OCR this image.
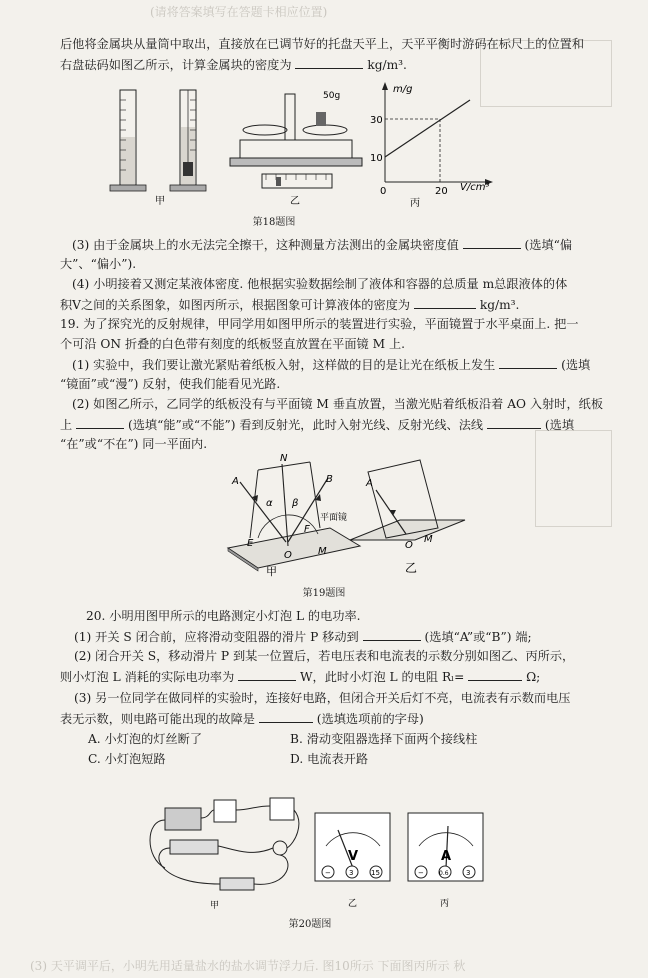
(请将答案填写在答题卡相应位置)
(3) 天平调平后，小明先用适量盐水的盐水调节浮力后. 图10所示 下面图丙所示 秋
后他将金属块从量筒中取出，直接放在已调节好的托盘天平上，天平平衡时游码在标尺上的位置和
右盘砝码如图乙所示，计算金属块的密度为	kg/m³.
甲
50g
乙
m/g
V/cm³
30
10
0	20
丙
第18题图
(3) 由于金属块上的水无法完全擦干，这种测量方法测出的金属块密度值	(选填“偏
大”、“偏小”).
(4) 小明接着又测定某液体密度. 他根据实验数据绘制了液体和容器的总质量 m总跟液体的体
积V之间的关系图象，如图丙所示，根据图象可计算液体的密度为	kg/m³.
19. 为了探究光的反射规律，甲同学用如图甲所示的装置进行实验，平面镜置于水平桌面上. 把一
个可沿 ON 折叠的白色带有刻度的纸板竖直放置在平面镜 M 上.
(1) 实验中，我们要让激光紧贴着纸板入射，这样做的目的是让光在纸板上发生	(选填
“镜面”或“漫”) 反射，使我们能看见光路.
(2) 如图乙所示，乙同学的纸板没有与平面镜 M 垂直放置，当激光贴着纸板沿着 AO 入射时，纸板
上	(选填“能”或“不能”) 看到反射光，此时入射光线、反射光线、法线	(选填
“在”或“不在”) 同一平面内.
N
A	B
α β
E
F
O	M
平面镜
甲
A
O
M
乙
第19题图
20. 小明用图甲所示的电路测定小灯泡 L 的电功率.
(1) 开关 S 闭合前，应将滑动变阻器的滑片 P 移动到	(选填“A”或“B”) 端;
(2) 闭合开关 S，移动滑片 P 到某一位置后，若电压表和电流表的示数分别如图乙、丙所示，
则小灯泡 L 消耗的实际电功率为	W，此时小灯泡 L 的电阻 Rₗ=	Ω;
(3) 另一位同学在做同样的实验时，连接好电路，但闭合开关后灯不亮，电流表有示数而电压
表无示数，则电路可能出现的故障是	(选填选项前的字母)
A. 小灯泡的灯丝断了	B. 滑动变阻器选择下面两个接线柱
C. 小灯泡短路	D. 电流表开路
甲
V
−	3	15
乙
A
−	0.6 3
丙
第20题图
